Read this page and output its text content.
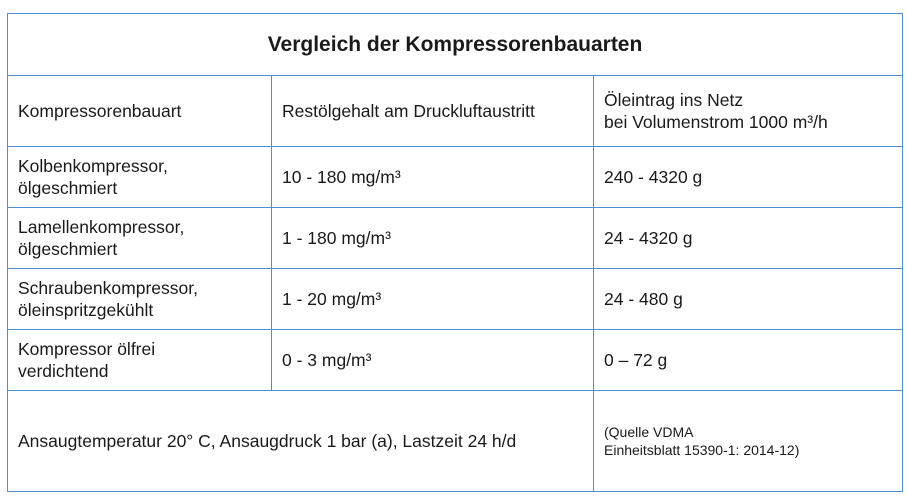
Vergleich der Kompressorenbauarten		

Kompressorenbauart	Restölgehalt am Druckluftaustritt	Öleintrag ins Netz
bei Volumenstrom 1000 m³/h

Kolbenkompressor,
ölgeschmiert	10 - 180 mg/m³	240 - 4320 g

Lamellenkompressor,
ölgeschmiert	1 - 180 mg/m³	24 - 4320 g

Schraubenkompressor,
öleinspritzgekühlt	1 - 20 mg/m³	24 - 480 g

Kompressor ölfrei
verdichtend	0 - 3 mg/m³	0 – 72 g
Ansaugtemperatur 20° C, Ansaugdruck 1 bar (a), Lastzeit 24 h/d		(Quelle VDMA
Einheitsblatt 15390-1: 2014-12)
